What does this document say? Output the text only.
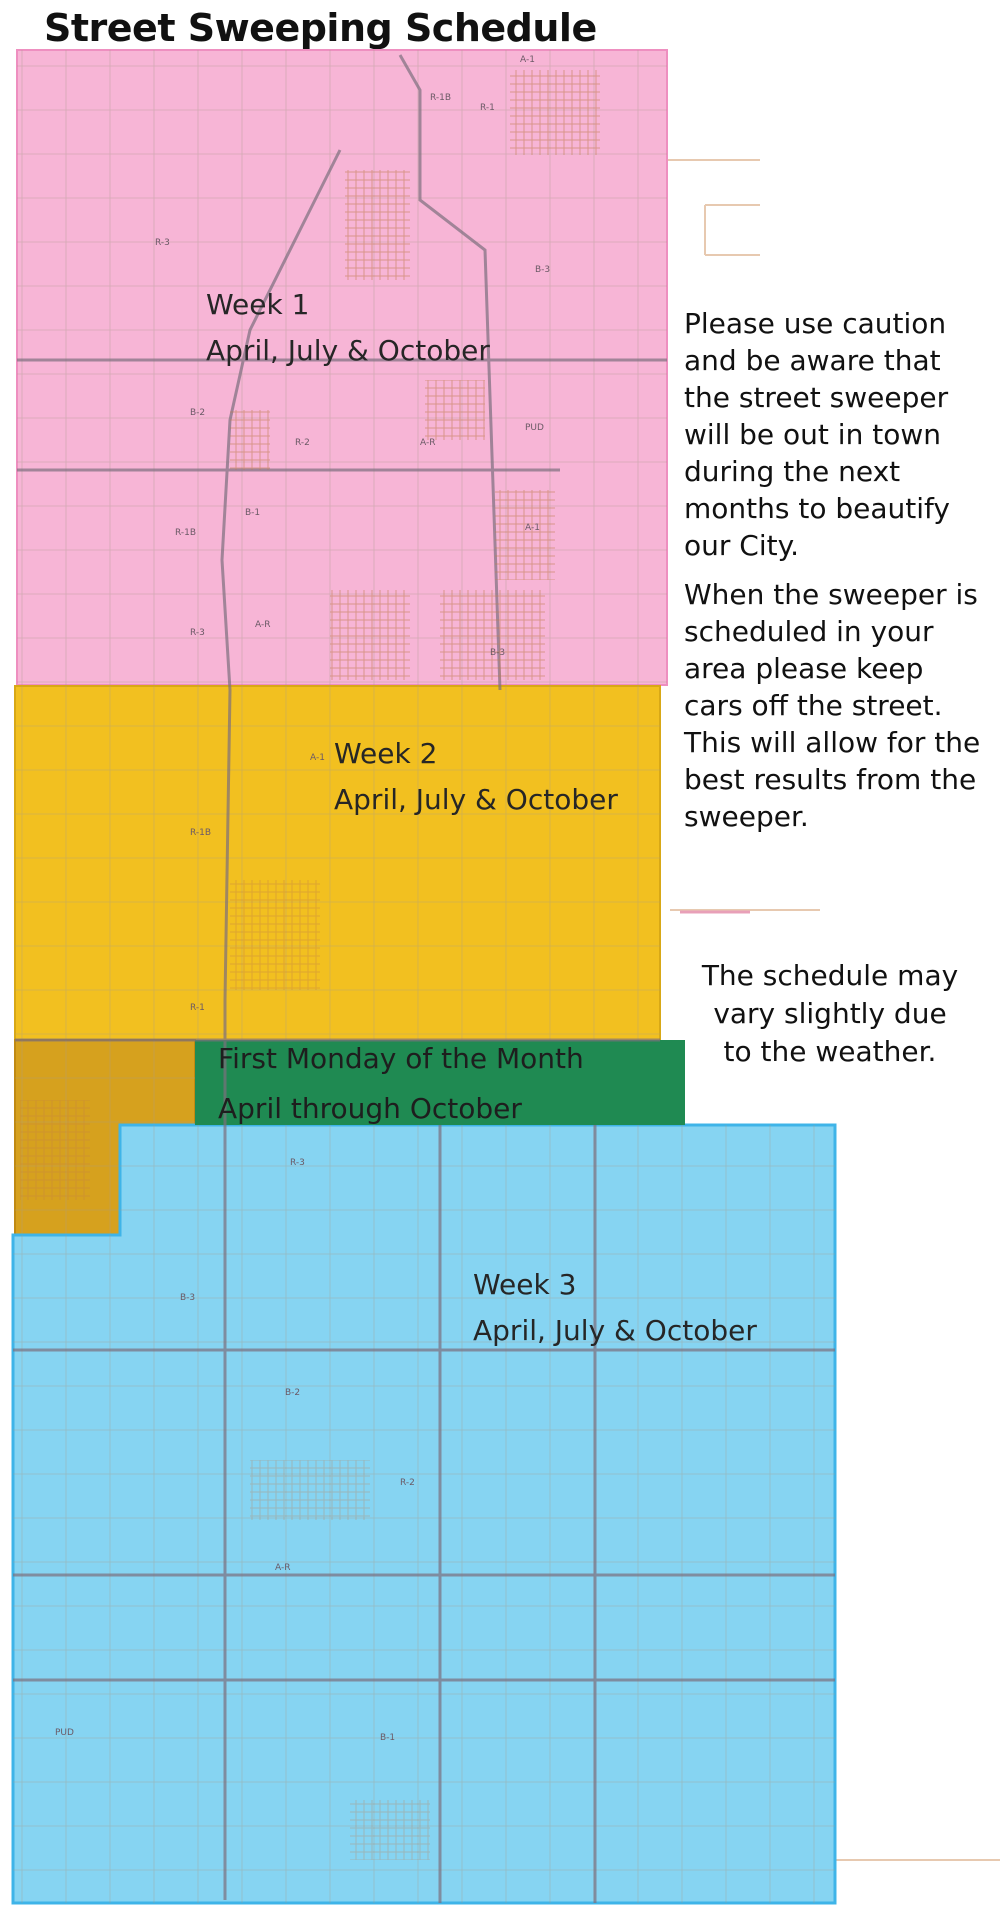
Street Sweeping Schedule
A-1
R-1B
R-1
R-3
B-3
B-2
R-2	A-R
PUD
B-1
R-1B	A-1
R-3
A-R
B-3
A-1
R-1B
R-1
R-3
B-3
B-2
R-2
A-R
PUD	B-1
Week 1
April, July & October
Week 2
April, July & October
First Monday of the Month
April through October
Week 3
April, July & October

Please use caution and be aware that the street sweeper will be out in town during the next months to beautify our City.

When the sweeper is scheduled in your area please keep cars off the street. This will allow for the best results from the sweeper.

The schedule may vary slightly due to the weather.
